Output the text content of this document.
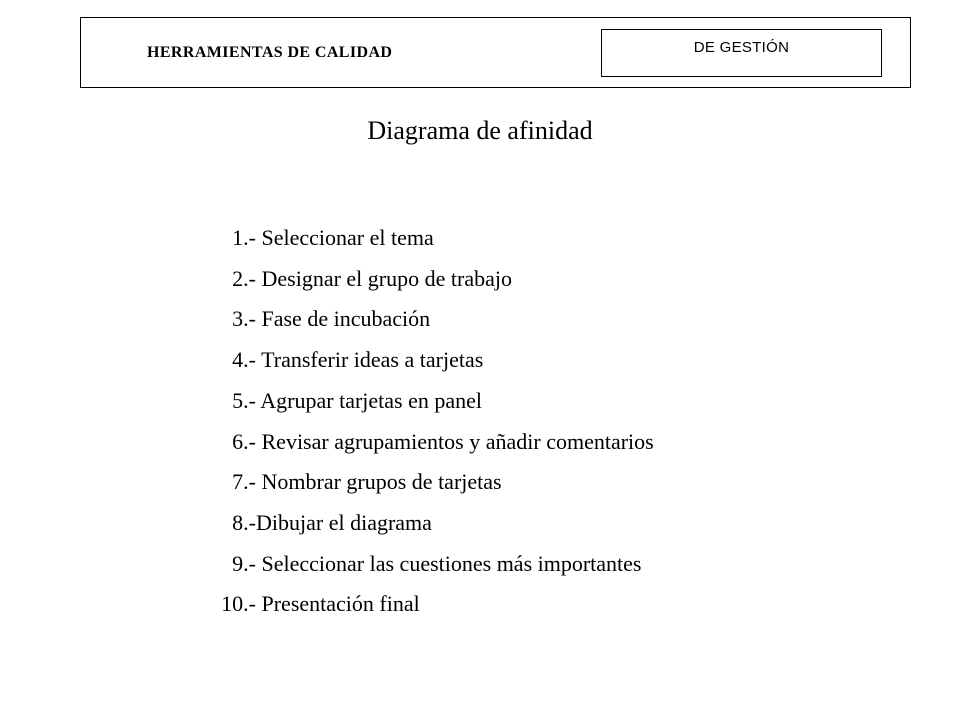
HERRAMIENTAS DE CALIDAD	DE GESTIÓN
Diagrama de afinidad
1.- Seleccionar el tema
2.- Designar el grupo de trabajo
3.- Fase de incubación
4.- Transferir ideas a tarjetas
5.- Agrupar tarjetas en panel
6.- Revisar agrupamientos y añadir comentarios
7.- Nombrar grupos de tarjetas
8.-Dibujar el diagrama
9.- Seleccionar las cuestiones más importantes
10.- Presentación final
